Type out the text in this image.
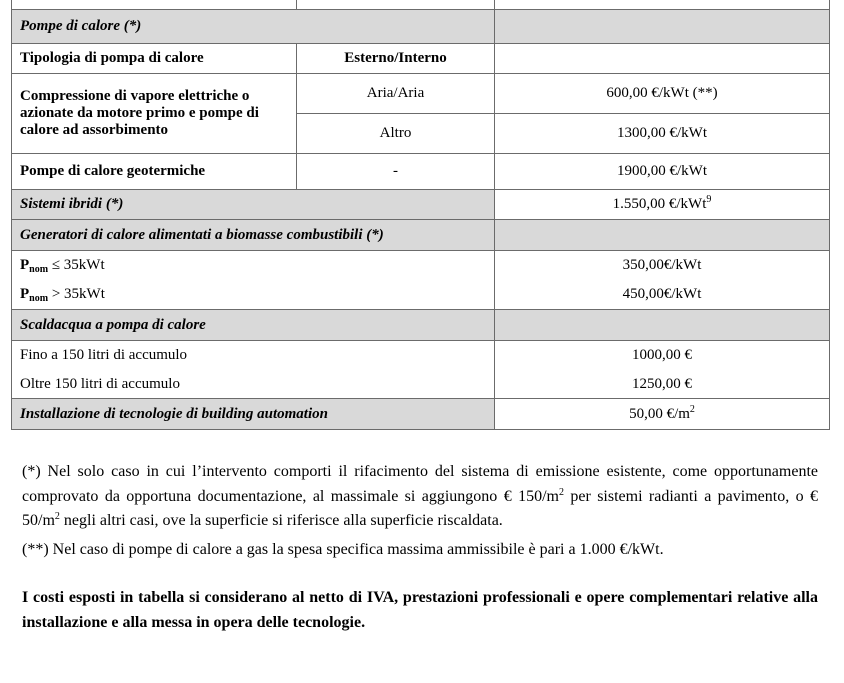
Pompe di calore (*)		
Tipologia di pompa di calore	Esterno/Interno	
Compressione di vapore elettriche o azionate da motore primo e pompe di calore ad assorbimento	Aria/Aria	600,00 €/kWt (**)
	Altro	1300,00 €/kWt
Pompe di calore geotermiche	-	1900,00 €/kWt
Sistemi ibridi (*)		1.550,00 €/kWt$^9$
Generatori di calore alimentati a biomasse combustibili (*)		
$P_{nom} \le 35kWt$		350,00€/kWt
$P_{nom} > 35kWt$		450,00€/kWt
Scaldacqua a pompa di calore		
Fino a 150 litri di accumulo		1000,00 €
Oltre 150 litri di accumulo		1250,00 €
Installazione di tecnologie di building automation		50,00 $€/m^2$

(*) Nel solo caso in cui l’intervento comporti il rifacimento del sistema di emissione esistente, come opportunamente comprovato da opportuna documentazione, al massimale si aggiungono € $150/m^2$ per sistemi radianti a pavimento, o € $50/m^2$ negli altri casi, ove la superficie si riferisce alla superficie riscaldata.

(**) Nel caso di pompe di calore a gas la spesa specifica massima ammissibile è pari a 1.000 €/kWt.

I costi esposti in tabella si considerano al netto di IVA, prestazioni professionali e opere complementari relative alla installazione e alla messa in opera delle tecnologie.
